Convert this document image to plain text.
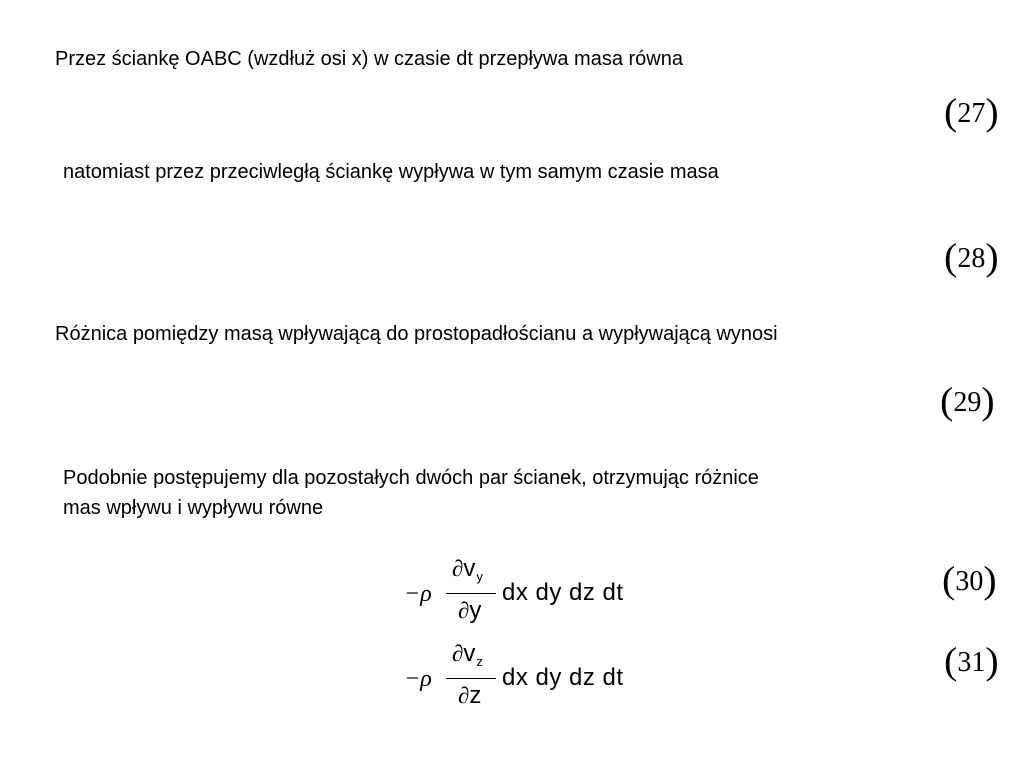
Przez ściankę OABC (wzdłuż osi x) w czasie dt przepływa masa równa
(27)
natomiast przez przeciwległą ściankę wypływa w tym samym czasie masa
(28)
Różnica pomiędzy masą wpływającą do prostopadłościanu a wypływającą wynosi
(29)
Podobnie postępujemy dla pozostałych dwóch par ścianek, otrzymując różnice
mas wpływu i wypływu równe
−ρ
$\partial v_y$
∂y
dx dy dz dt	(30)
−ρ
$\partial v_z$
∂z
dx dy dz dt	(31)
